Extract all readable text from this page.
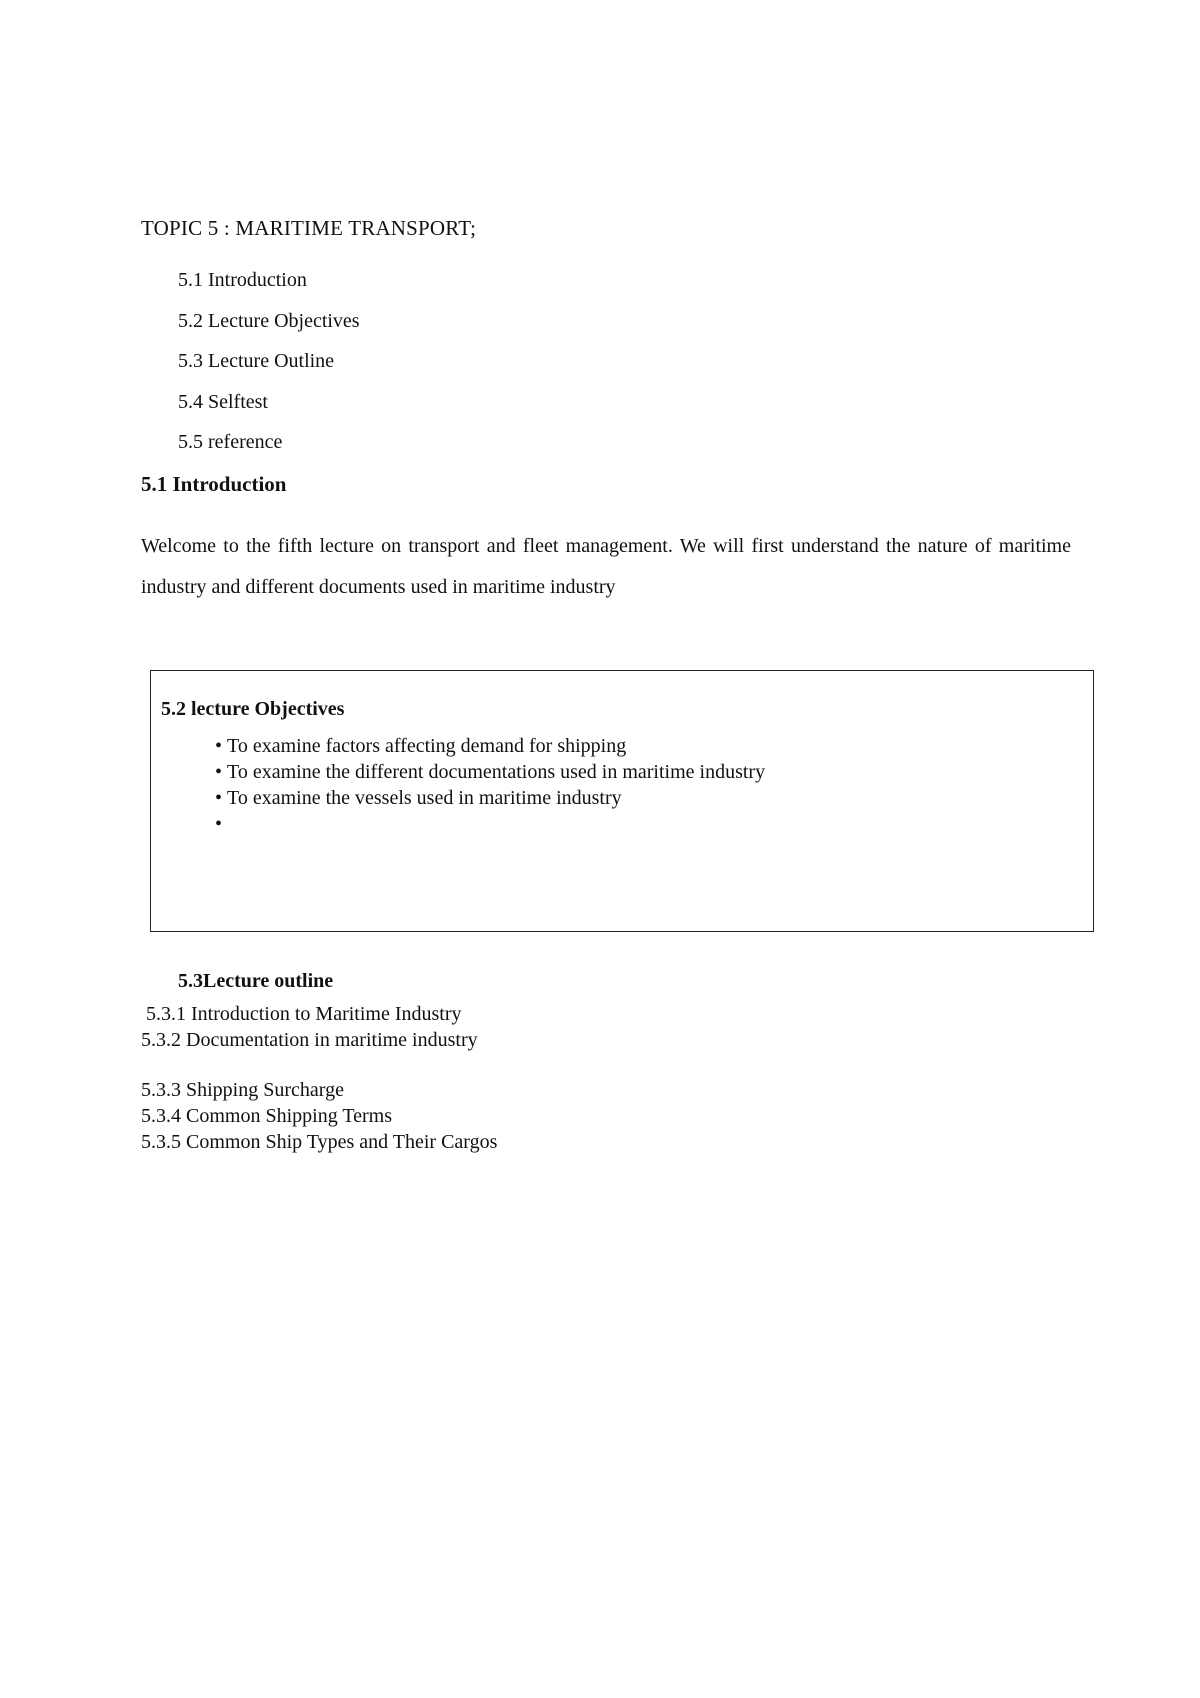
TOPIC 5 : MARITIME TRANSPORT;
5.1 Introduction
5.2 Lecture Objectives
5.3 Lecture Outline
5.4 Selftest
5.5 reference
5.1 Introduction

Welcome to the fifth lecture on transport and fleet management. We will first understand the nature of maritime industry and different documents used in maritime industry

5.2 lecture Objectives
• To examine factors affecting demand for shipping
• To examine the different documentations used in maritime industry
• To examine the vessels used in maritime industry
•
5.3Lecture outline
5.3.1 Introduction to Maritime Industry
5.3.2 Documentation in maritime industry
5.3.3 Shipping Surcharge
5.3.4 Common Shipping Terms
5.3.5 Common Ship Types and Their Cargos
